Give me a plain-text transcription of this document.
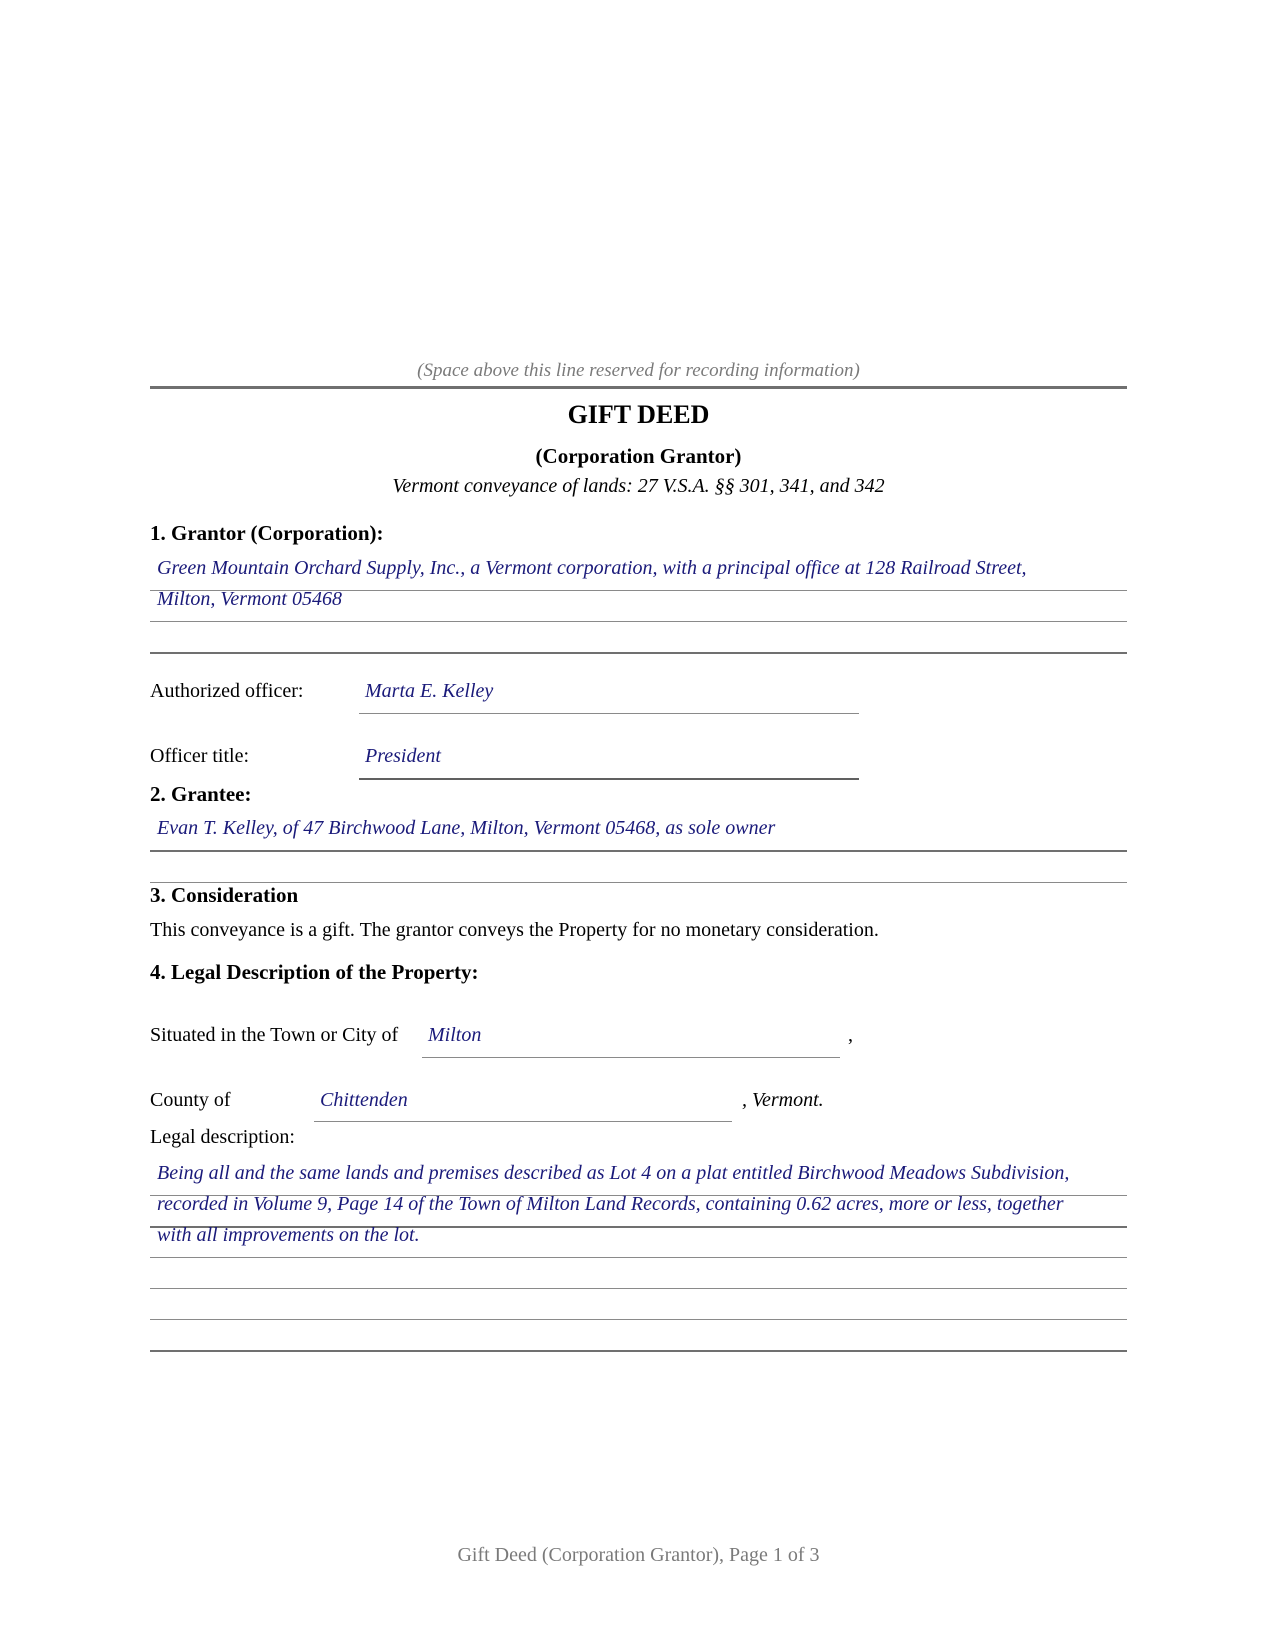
(Space above this line reserved for recording information)
GIFT DEED
(Corporation Grantor)
Vermont conveyance of lands: 27 V.S.A. §§ 301, 341, and 342
1. Grantor (Corporation):
Green Mountain Orchard Supply, Inc., a Vermont corporation, with a principal office at 128 Railroad Street,
Milton, Vermont 05468
Authorized officer:	Marta E. Kelley
Officer title:	President
2. Grantee:
Evan T. Kelley, of 47 Birchwood Lane, Milton, Vermont 05468, as sole owner
3. Consideration
This conveyance is a gift. The grantor conveys the Property for no monetary consideration.
4. Legal Description of the Property:
Situated in the Town or City of Milton	,
County of	Chittenden	, Vermont.
Legal description:
Being all and the same lands and premises described as Lot 4 on a plat entitled Birchwood Meadows Subdivision,
recorded in Volume 9, Page 14 of the Town of Milton Land Records, containing 0.62 acres, more or less, together
with all improvements on the lot.
Gift Deed (Corporation Grantor), Page 1 of 3
